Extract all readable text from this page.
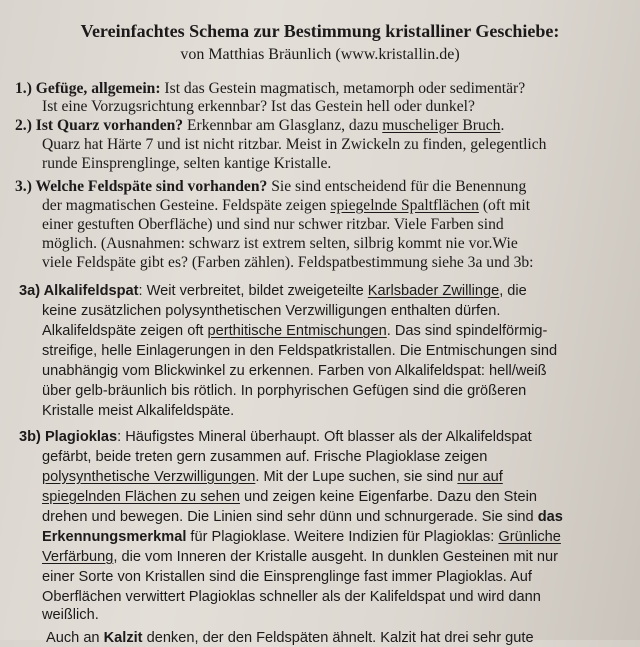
Vereinfachtes Schema zur Bestimmung kristalliner Geschiebe:
von Matthias Bräunlich (www.kristallin.de)
1.) Gefüge, allgemein: Ist das Gestein magmatisch, metamorph oder sedimentär?
Ist eine Vorzugsrichtung erkennbar? Ist das Gestein hell oder dunkel?
2.) Ist Quarz vorhanden? Erkennbar am Glasglanz, dazu muscheliger Bruch.
Quarz hat Härte 7 und ist nicht ritzbar. Meist in Zwickeln zu finden, gelegentlich
runde Einsprenglinge, selten kantige Kristalle.
3.) Welche Feldspäte sind vorhanden? Sie sind entscheidend für die Benennung
der magmatischen Gesteine. Feldspäte zeigen spiegelnde Spaltflächen (oft mit
einer gestuften Oberfläche) und sind nur schwer ritzbar. Viele Farben sind
möglich. (Ausnahmen: schwarz ist extrem selten, silbrig kommt nie vor.Wie
viele Feldspäte gibt es? (Farben zählen). Feldspatbestimmung siehe 3a und 3b:
3a) Alkalifeldspat: Weit verbreitet, bildet zweigeteilte Karlsbader Zwillinge, die
keine zusätzlichen polysynthetischen Verzwilligungen enthalten dürfen.
Alkalifeldspäte zeigen oft perthitische Entmischungen. Das sind spindelförmig-
streifige, helle Einlagerungen in den Feldspatkristallen. Die Entmischungen sind
unabhängig vom Blickwinkel zu erkennen. Farben von Alkalifeldspat: hell/weiß
über gelb-bräunlich bis rötlich. In porphyrischen Gefügen sind die größeren
Kristalle meist Alkalifeldspäte.
3b) Plagioklas: Häufigstes Mineral überhaupt. Oft blasser als der Alkalifeldspat
gefärbt, beide treten gern zusammen auf. Frische Plagioklase zeigen
polysynthetische Verzwilligungen. Mit der Lupe suchen, sie sind nur auf
spiegelnden Flächen zu sehen und zeigen keine Eigenfarbe. Dazu den Stein
drehen und bewegen. Die Linien sind sehr dünn und schnurgerade. Sie sind das
Erkennungsmerkmal für Plagioklase. Weitere Indizien für Plagioklas: Grünliche
Verfärbung, die vom Inneren der Kristalle ausgeht. In dunklen Gesteinen mit nur
einer Sorte von Kristallen sind die Einsprenglinge fast immer Plagioklas. Auf
Oberflächen verwittert Plagioklas schneller als der Kalifeldspat und wird dann
weißlich.
Auch an Kalzit denken, der den Feldspäten ähnelt. Kalzit hat drei sehr gute
